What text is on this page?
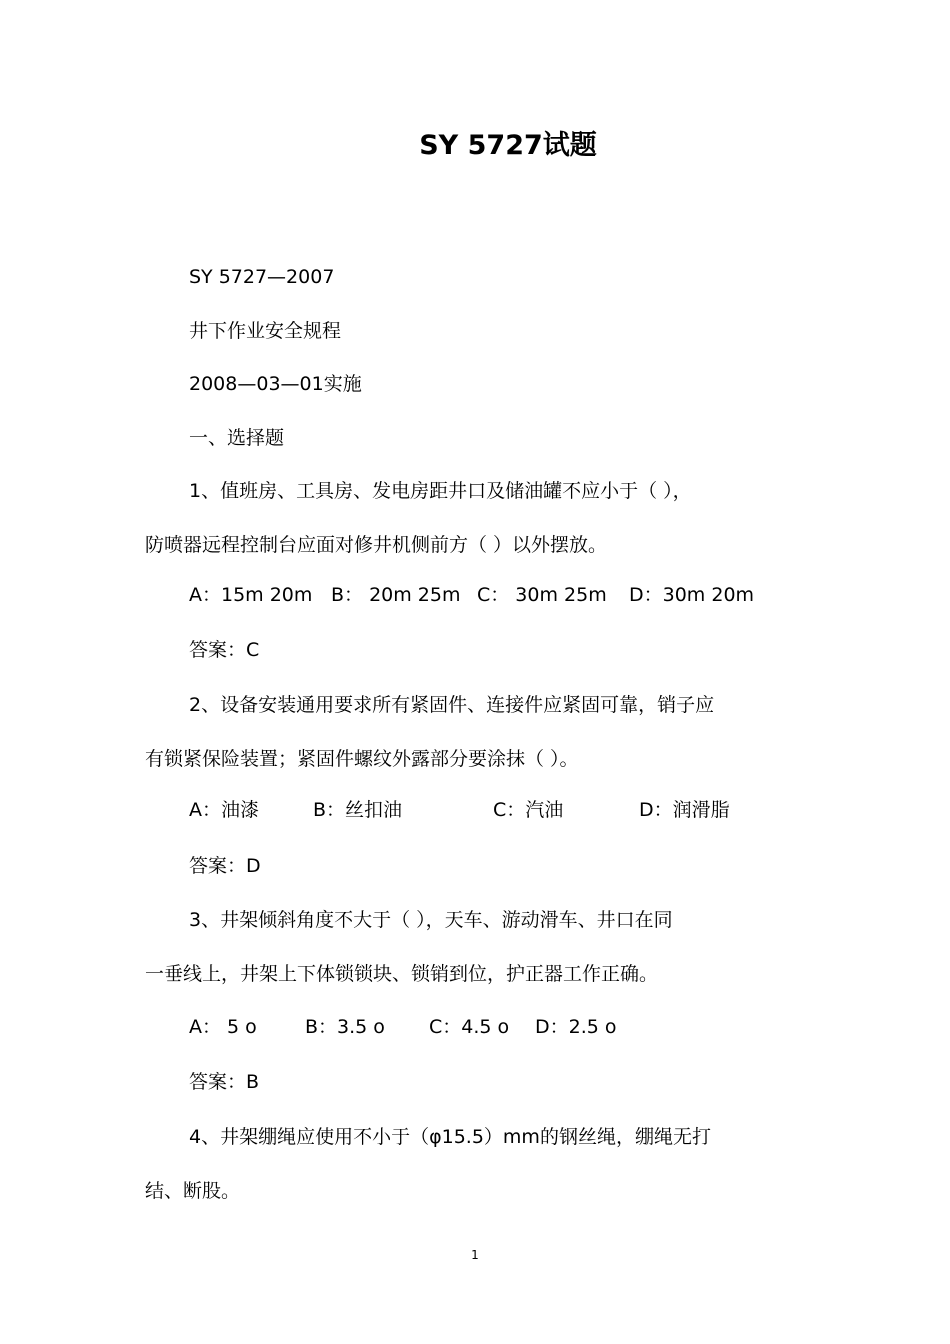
SY 5727试题
SY 5727—2007
井下作业安全规程
2008—03—01实施
一、选择题
1、值班房、工具房、发电房距井口及储油罐不应小于（ ），
防喷器远程控制台应面对修井机侧前方（ ）以外摆放。
A：15m 20m B： 20m 25m C： 30m 25m D：30m 20m
答案：C
2、设备安装通用要求所有紧固件、连接件应紧固可靠，销子应
有锁紧保险装置；紧固件螺纹外露部分要涂抹（ ）。
A：油漆	B：丝扣油	C：汽油	D：润滑脂
答案：D
3、井架倾斜角度不大于（ ），天车、游动滑车、井口在同
一垂线上，井架上下体锁锁块、锁销到位，护正器工作正确。
A： 5 o	B：3.5 o C：4.5 o D：2.5 o
答案：B
4、井架绷绳应使用不小于（φ15.5）mm的钢丝绳，绷绳无打
结、断股。
1
